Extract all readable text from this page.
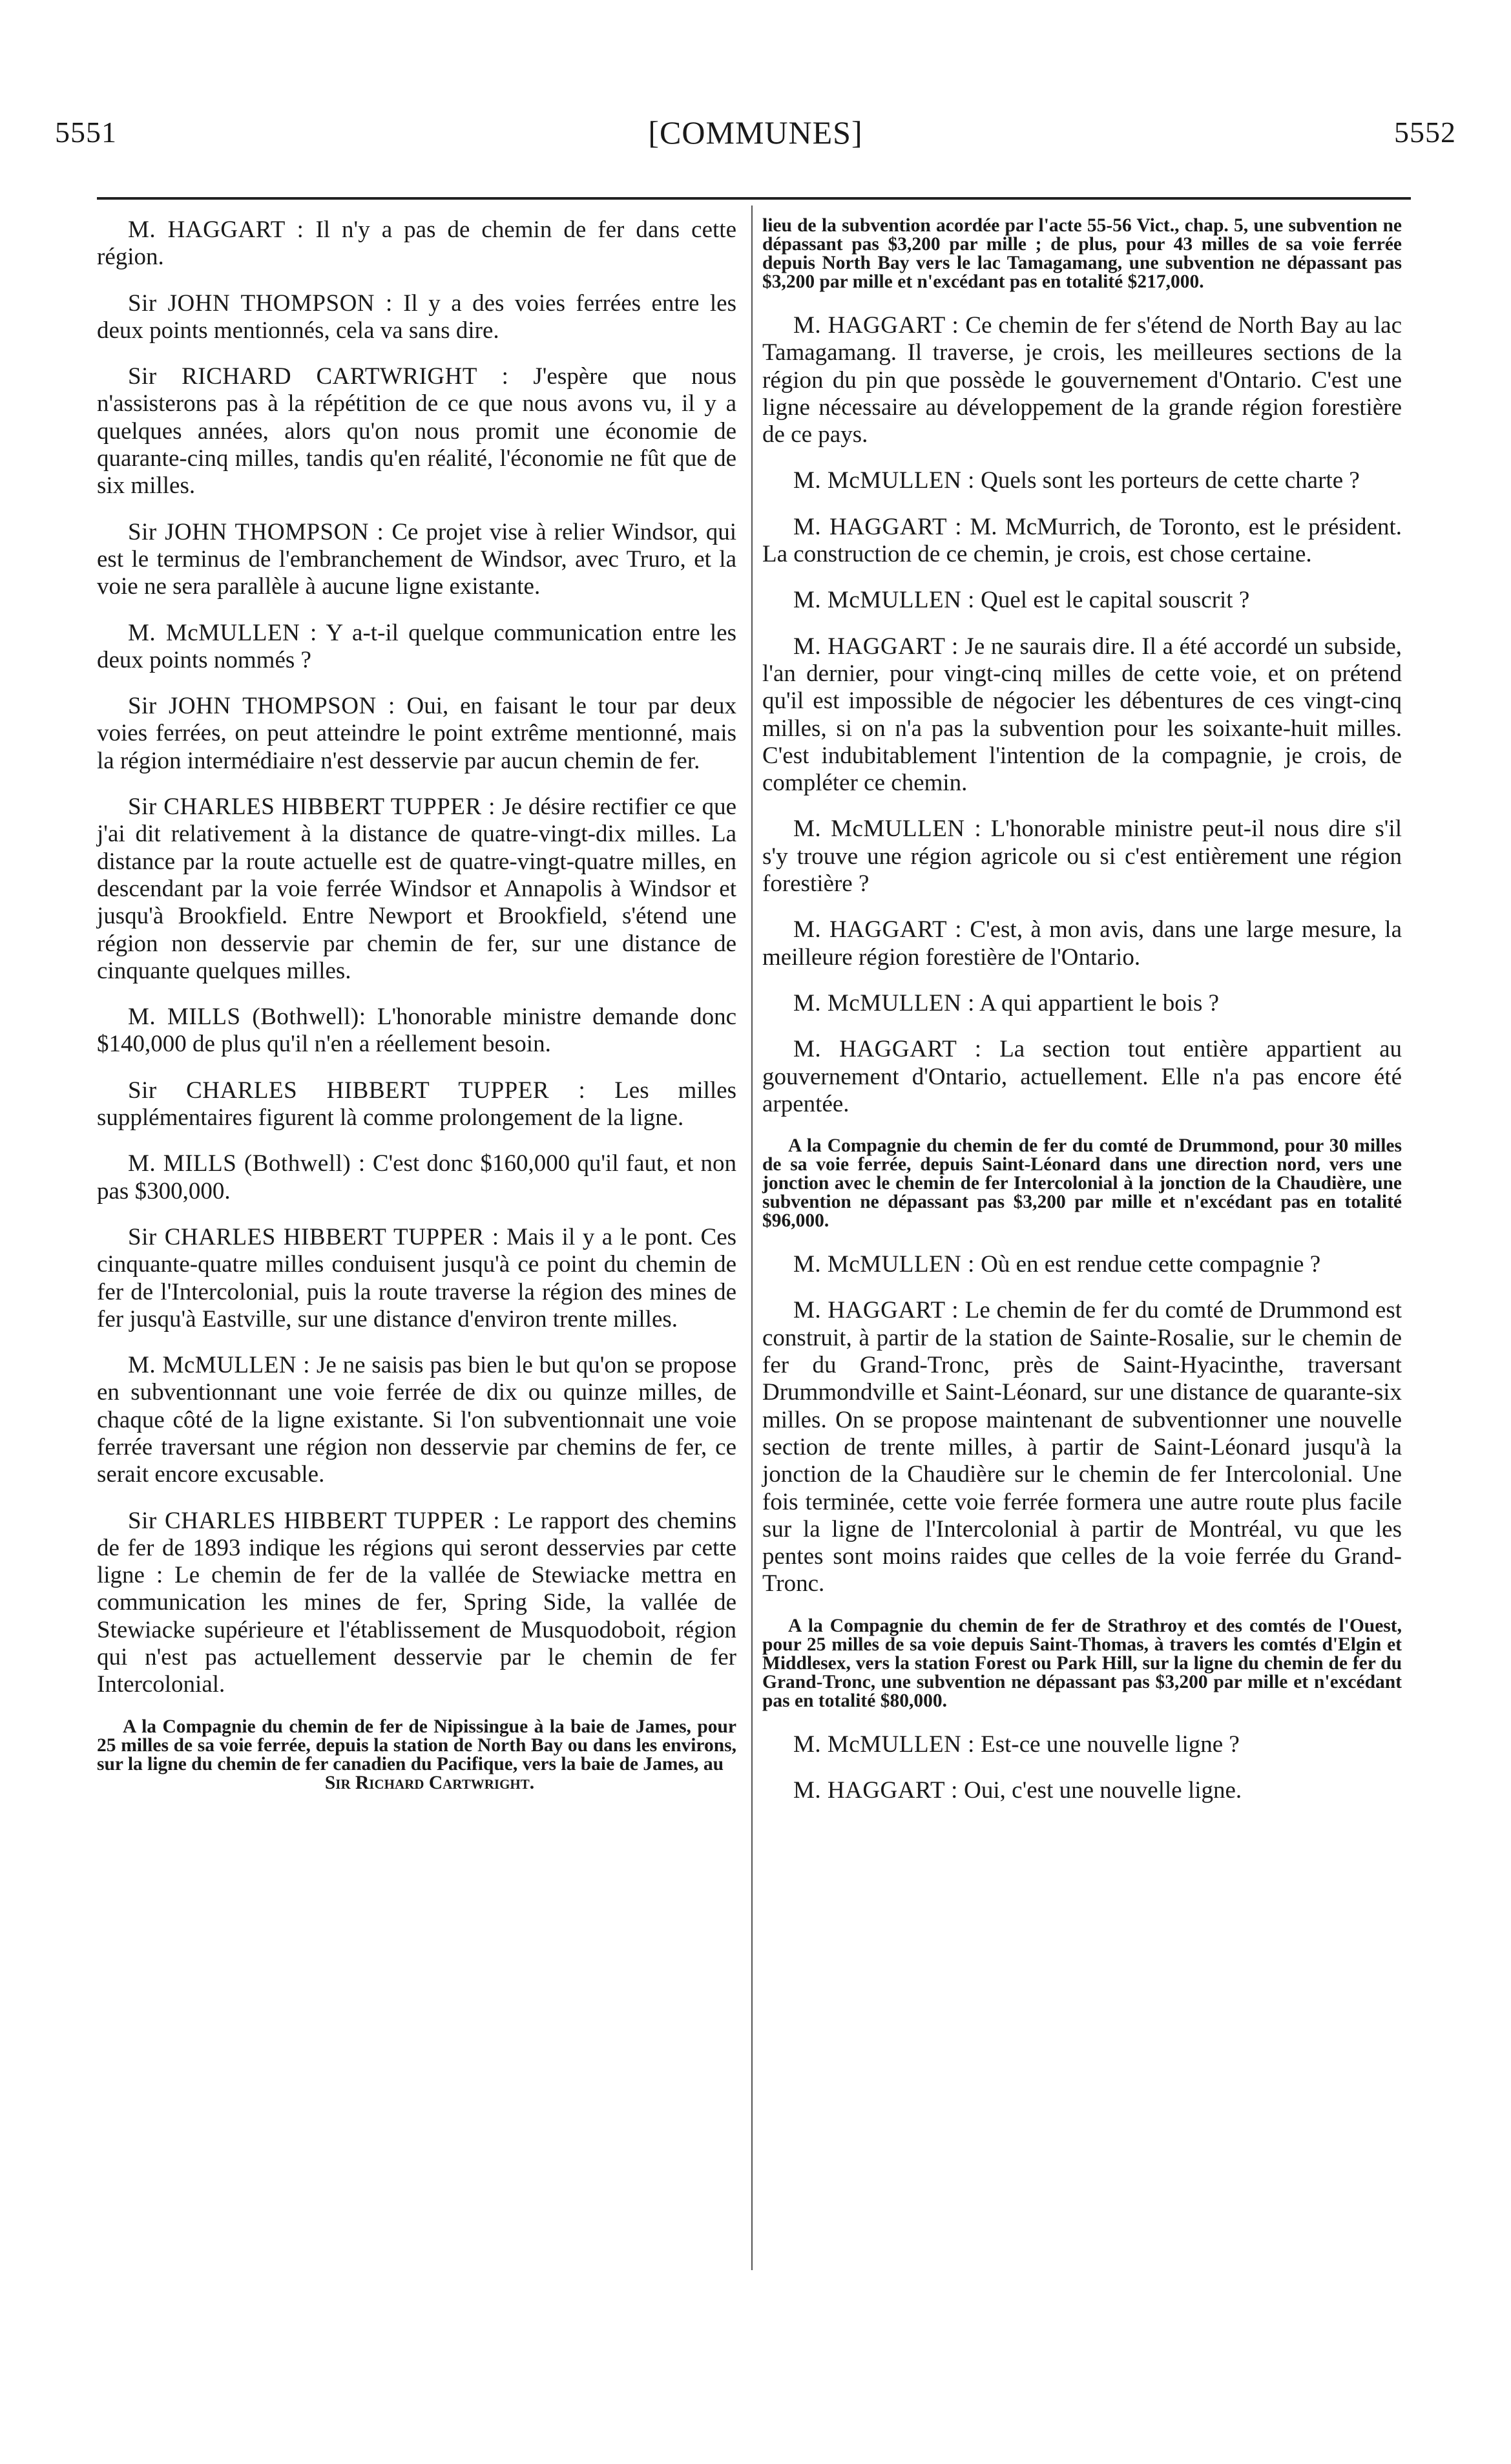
5551	[COMMUNES]	5552

M. HAGGART : Il n'y a pas de chemin de fer dans cette région.

Sir JOHN THOMPSON : Il y a des voies ferrées entre les deux points mentionnés, cela va sans dire.

Sir RICHARD CARTWRIGHT : J'espère que nous n'assisterons pas à la répétition de ce que nous avons vu, il y a quelques années, alors qu'on nous promit une économie de quarante-cinq milles, tandis qu'en réalité, l'économie ne fût que de six milles.

Sir JOHN THOMPSON : Ce projet vise à relier Windsor, qui est le terminus de l'embranchement de Windsor, avec Truro, et la voie ne sera parallèle à aucune ligne existante.

M. McMULLEN : Y a-t-il quelque communication entre les deux points nommés ?

Sir JOHN THOMPSON : Oui, en faisant le tour par deux voies ferrées, on peut atteindre le point extrême mentionné, mais la région intermédiaire n'est desservie par aucun chemin de fer.

Sir CHARLES HIBBERT TUPPER : Je désire rectifier ce que j'ai dit relativement à la distance de quatre-vingt-dix milles. La distance par la route actuelle est de quatre-vingt-quatre milles, en descendant par la voie ferrée Windsor et Annapolis à Windsor et jusqu'à Brookfield. Entre Newport et Brookfield, s'étend une région non desservie par chemin de fer, sur une distance de cinquante quelques milles.

M. MILLS (Bothwell): L'honorable ministre demande donc $140,000 de plus qu'il n'en a réellement besoin.

Sir CHARLES HIBBERT TUPPER : Les milles supplémentaires figurent là comme prolongement de la ligne.

M. MILLS (Bothwell) : C'est donc $160,000 qu'il faut, et non pas $300,000.

Sir CHARLES HIBBERT TUPPER : Mais il y a le pont. Ces cinquante-quatre milles conduisent jusqu'à ce point du chemin de fer de l'Intercolonial, puis la route traverse la région des mines de fer jusqu'à Eastville, sur une distance d'environ trente milles.

M. McMULLEN : Je ne saisis pas bien le but qu'on se propose en subventionnant une voie ferrée de dix ou quinze milles, de chaque côté de la ligne existante. Si l'on subventionnait une voie ferrée traversant une région non desservie par chemins de fer, ce serait encore excusable.

Sir CHARLES HIBBERT TUPPER : Le rapport des chemins de fer de 1893 indique les régions qui seront desservies par cette ligne : Le chemin de fer de la vallée de Stewiacke mettra en communication les mines de fer, Spring Side, la vallée de Stewiacke supérieure et l'établissement de Musquodoboit, région qui n'est pas actuellement desservie par le chemin de fer Intercolonial.

A la Compagnie du chemin de fer de Nipissingue à la baie de James, pour 25 milles de sa voie ferrée, depuis la station de North Bay ou dans les environs, sur la ligne du chemin de fer canadien du Pacifique, vers la baie de James, au
Sir Richard Cartwright.
lieu de la subvention acordée par l'acte 55-56 Vict., chap. 5, une subvention ne dépassant pas $3,200 par mille ; de plus, pour 43 milles de sa voie ferrée depuis North Bay vers le lac Tamagamang, une subvention ne dépassant pas $3,200 par mille et n'excédant pas en totalité $217,000.

M. HAGGART : Ce chemin de fer s'étend de North Bay au lac Tamagamang. Il traverse, je crois, les meilleures sections de la région du pin que possède le gouvernement d'Ontario. C'est une ligne nécessaire au développement de la grande région forestière de ce pays.

M. McMULLEN : Quels sont les porteurs de cette charte ?

M. HAGGART : M. McMurrich, de Toronto, est le président. La construction de ce chemin, je crois, est chose certaine.

M. McMULLEN : Quel est le capital souscrit ?

M. HAGGART : Je ne saurais dire. Il a été accordé un subside, l'an dernier, pour vingt-cinq milles de cette voie, et on prétend qu'il est impossible de négocier les débentures de ces vingt-cinq milles, si on n'a pas la subvention pour les soixante-huit milles. C'est indubitablement l'intention de la compagnie, je crois, de compléter ce chemin.

M. McMULLEN : L'honorable ministre peut-il nous dire s'il s'y trouve une région agricole ou si c'est entièrement une région forestière ?

M. HAGGART : C'est, à mon avis, dans une large mesure, la meilleure région forestière de l'Ontario.

M. McMULLEN : A qui appartient le bois ?

M. HAGGART : La section tout entière appartient au gouvernement d'Ontario, actuellement. Elle n'a pas encore été arpentée.

A la Compagnie du chemin de fer du comté de Drummond, pour 30 milles de sa voie ferrée, depuis Saint-Léonard dans une direction nord, vers une jonction avec le chemin de fer Intercolonial à la jonction de la Chaudière, une subvention ne dépassant pas $3,200 par mille et n'excédant pas en totalité $96,000.

M. McMULLEN : Où en est rendue cette compagnie ?

M. HAGGART : Le chemin de fer du comté de Drummond est construit, à partir de la station de Sainte-Rosalie, sur le chemin de fer du Grand-Tronc, près de Saint-Hyacinthe, traversant Drummondville et Saint-Léonard, sur une distance de quarante-six milles. On se propose maintenant de subventionner une nouvelle section de trente milles, à partir de Saint-Léonard jusqu'à la jonction de la Chaudière sur le chemin de fer Intercolonial. Une fois terminée, cette voie ferrée formera une autre route plus facile sur la ligne de l'Intercolonial à partir de Montréal, vu que les pentes sont moins raides que celles de la voie ferrée du Grand-Tronc.

A la Compagnie du chemin de fer de Strathroy et des comtés de l'Ouest, pour 25 milles de sa voie depuis Saint-Thomas, à travers les comtés d'Elgin et Middlesex, vers la station Forest ou Park Hill, sur la ligne du chemin de fer du Grand-Tronc, une subvention ne dépassant pas $3,200 par mille et n'excédant pas en totalité $80,000.

M. McMULLEN : Est-ce une nouvelle ligne ?

M. HAGGART : Oui, c'est une nouvelle ligne.
